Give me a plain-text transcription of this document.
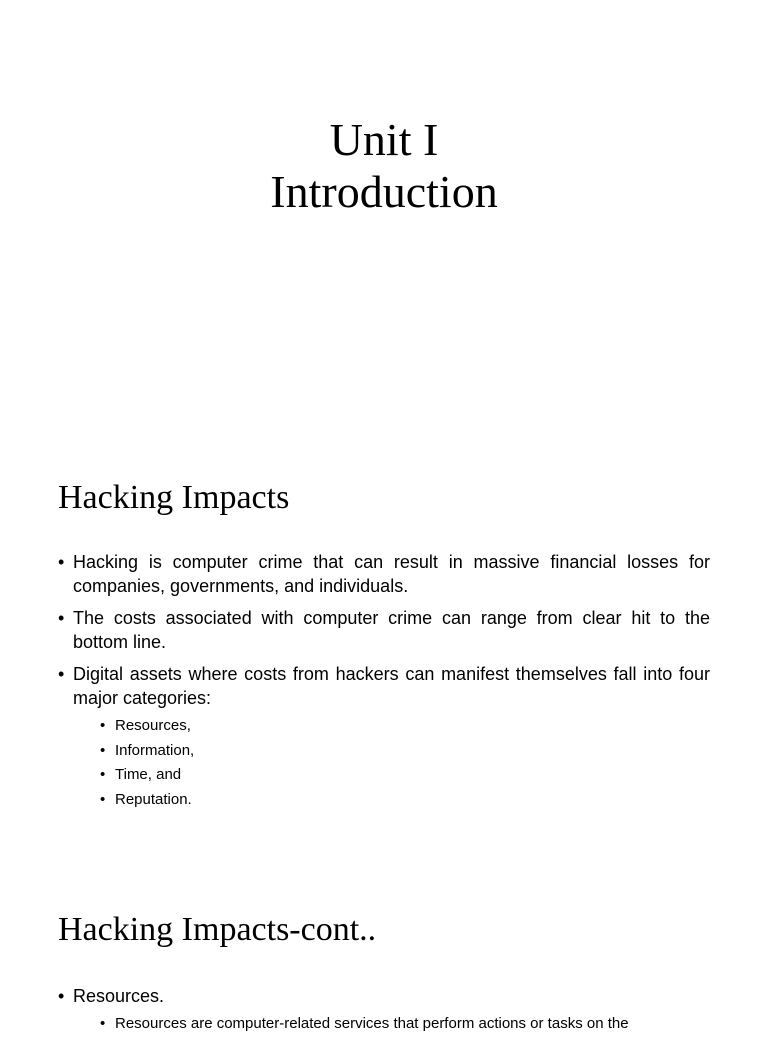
Unit I
Introduction
Hacking Impacts
• Hacking is computer crime that can result in massive financial losses for companies, governments, and individuals.
• The costs associated with computer crime can range from clear hit to the bottom line.
• Digital assets where costs from hackers can manifest themselves fall into four major categories:
• Resources,
• Information,
• Time, and
• Reputation.
Hacking Impacts-cont..
• Resources.
• Resources are computer-related services that perform actions or tasks on the
